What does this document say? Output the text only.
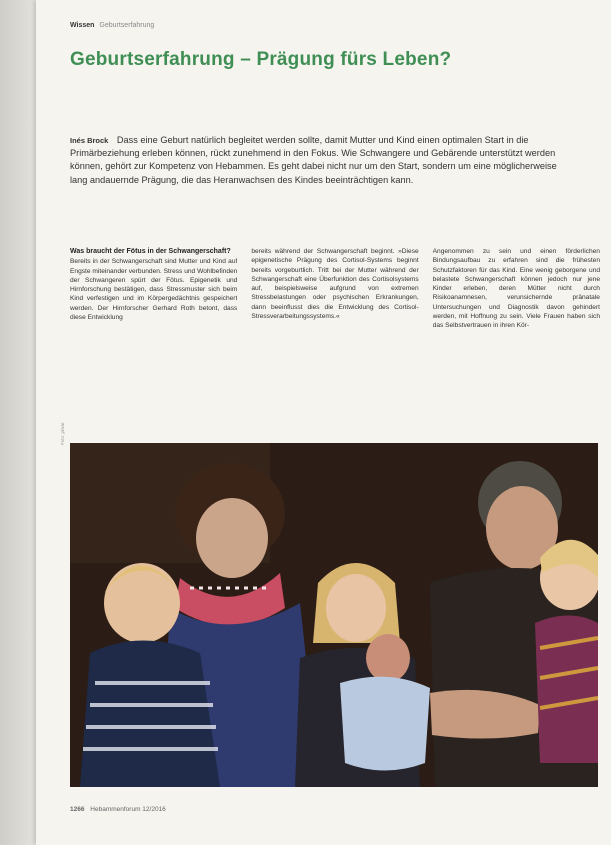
Wissen Geburtserfahrung
Geburtserfahrung – Prägung fürs Leben?
Inés Brock Dass eine Geburt natürlich begleitet werden sollte, damit Mutter und Kind einen optimalen Start in die Primärbeziehung erleben können, rückt zunehmend in den Fokus. Wie Schwangere und Gebärende unterstützt werden können, gehört zur Kompetenz von Hebammen. Es geht dabei nicht nur um den Start, sondern um eine möglicherweise lang andauernde Prägung, die das Heranwachsen des Kindes beeinträchtigen kann.
Was braucht der Fötus in der Schwangerschaft?

Bereits in der Schwangerschaft sind Mutter und Kind auf Engste miteinander verbunden. Stress und Wohlbefinden der Schwangeren spürt der Fötus. Epigenetik und Hirnforschung bestätigen, dass Stressmuster sich beim Kind verfestigen und im Körpergedächtnis gespeichert werden. Der Hirnforscher Gerhard Roth betont, dass diese Entwicklung

bereits während der Schwangerschaft beginnt. »Diese epigenetische Prägung des Cortisol-Systems beginnt bereits vorgeburtlich. Tritt bei der Mutter während der Schwangerschaft eine Überfunktion des Cortisolsystems auf, beispielsweise aufgrund von extremen Stressbelastungen oder psychischen Erkrankungen, dann beeinflusst dies die Entwicklung des Cortisol-Stressverarbeitungssystems.«

Angenommen zu sein und einen förderlichen Bindungsaufbau zu erfahren sind die frühesten Schutzfaktoren für das Kind. Eine wenig geborgene und belastete Schwangerschaft können jedoch nur jene Kinder erleben, deren Mütter nicht durch Risikoanamnesen, verunsichernde pränatale Untersuchungen und Diagnostik davon gehindert werden, mit Hoffnung zu sein. Viele Frauen haben sich das Selbstvertrauen in ihren Kör-

Foto: privat
1266 Hebammenforum 12/2016
